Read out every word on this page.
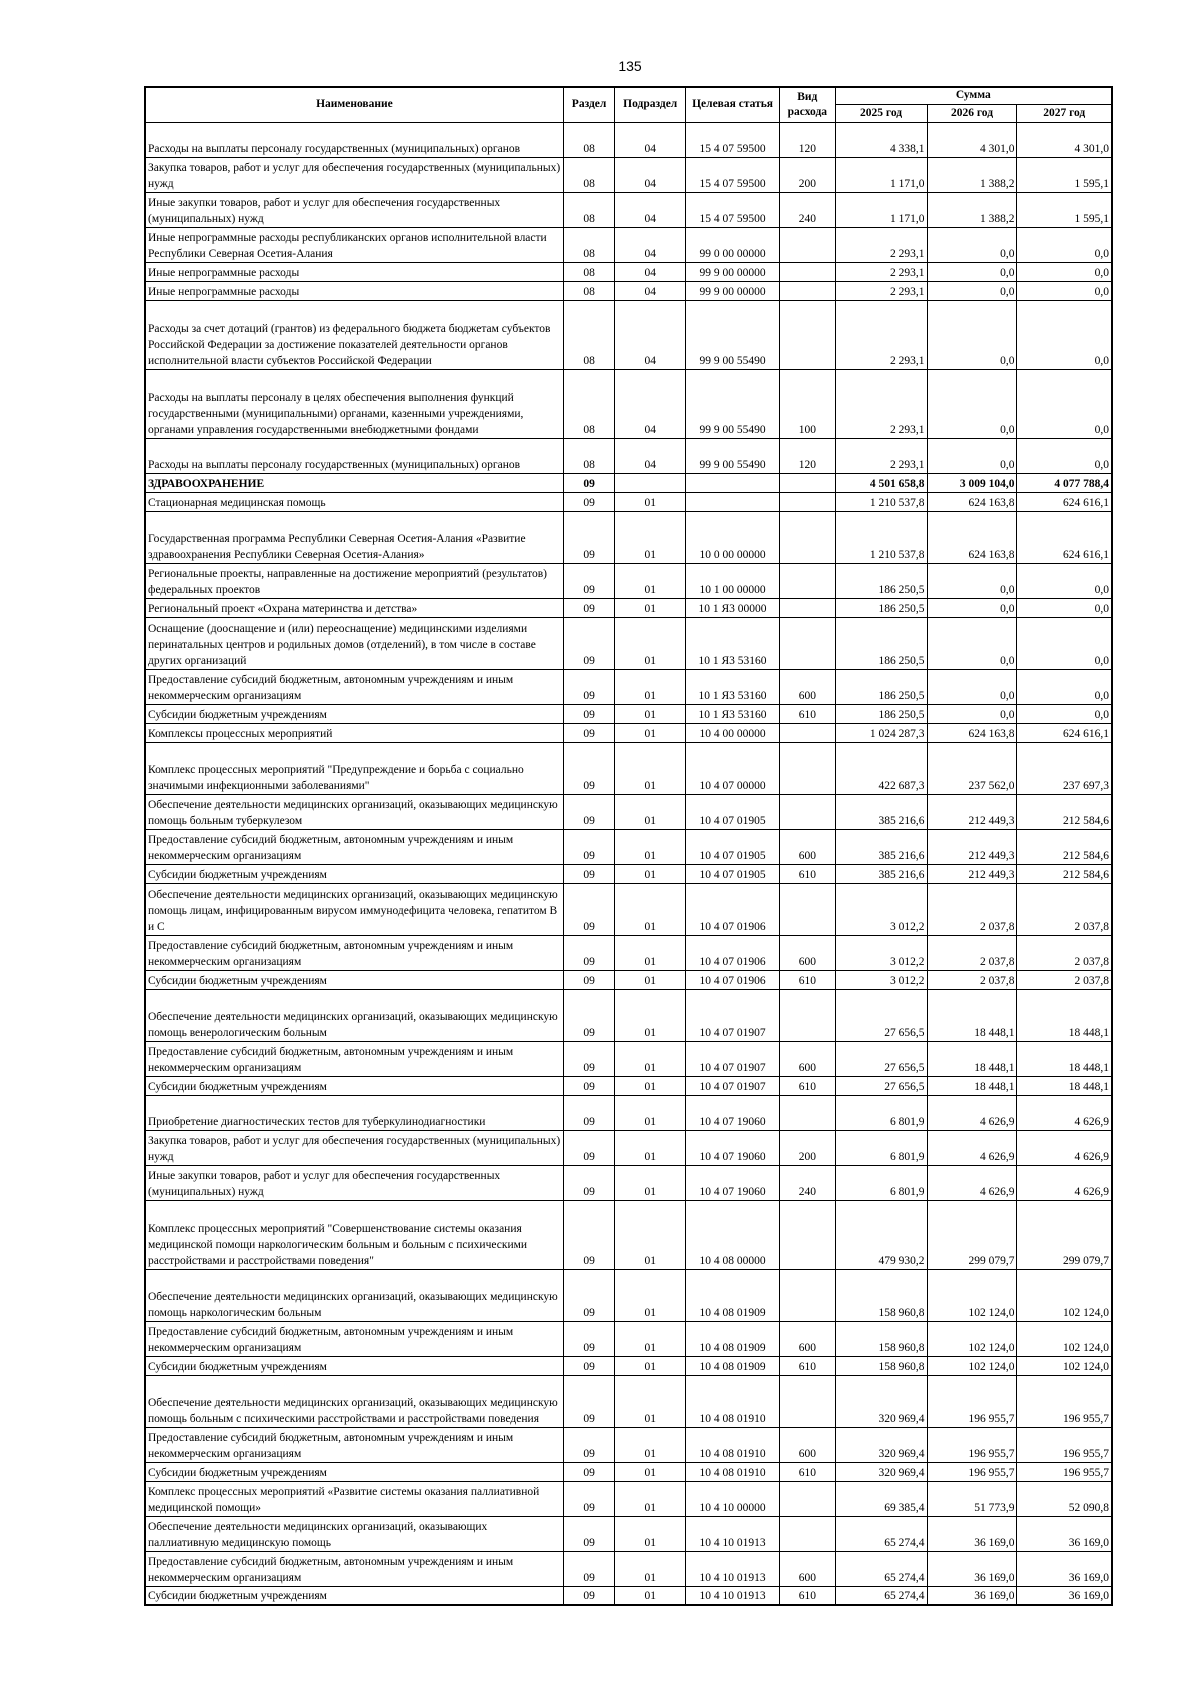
135
Наименование	Раздел	Подраздел	Целевая статья	Вид расхода	Сумма		
					2025 год	2026 год	2027 год
Расходы на выплаты персоналу государственных (муниципальных) органов	08	04	15 4 07 59500	120	4 338,1	4 301,0	4 301,0
Закупка товаров, работ и услуг для обеспечения государственных (муниципальных) нужд	08	04	15 4 07 59500	200	1 171,0	1 388,2	1 595,1
Иные закупки товаров, работ и услуг для обеспечения государственных (муниципальных) нужд	08	04	15 4 07 59500	240	1 171,0	1 388,2	1 595,1
Иные непрограммные расходы республиканских органов исполнительной власти Республики Северная Осетия-Алания	08	04	99 0 00 00000		2 293,1	0,0	0,0
Иные непрограммные расходы	08	04	99 9 00 00000		2 293,1	0,0	0,0
Иные непрограммные расходы	08	04	99 9 00 00000		2 293,1	0,0	0,0
Расходы за счет дотаций (грантов) из федерального бюджета бюджетам субъектов Российской Федерации за достижение показателей деятельности органов исполнительной власти субъектов Российской Федерации	08	04	99 9 00 55490		2 293,1	0,0	0,0
Расходы на выплаты персоналу в целях обеспечения выполнения функций государственными (муниципальными) органами, казенными учреждениями, органами управления государственными внебюджетными фондами	08	04	99 9 00 55490	100	2 293,1	0,0	0,0
Расходы на выплаты персоналу государственных (муниципальных) органов	08	04	99 9 00 55490	120	2 293,1	0,0	0,0
ЗДРАВООХРАНЕНИЕ	09				4 501 658,8	3 009 104,0	4 077 788,4
Стационарная медицинская помощь	09	01			1 210 537,8	624 163,8	624 616,1
Государственная программа Республики Северная Осетия-Алания «Развитие здравоохранения Республики Северная Осетия-Алания»	09	01	10 0 00 00000		1 210 537,8	624 163,8	624 616,1
Региональные проекты, направленные на достижение мероприятий (результатов) федеральных проектов	09	01	10 1 00 00000		186 250,5	0,0	0,0
Региональный проект «Охрана материнства и детства»	09	01	10 1 Я3 00000		186 250,5	0,0	0,0
Оснащение (дооснащение и (или) переоснащение) медицинскими изделиями перинатальных центров и родильных домов (отделений), в том числе в составе других организаций	09	01	10 1 Я3 53160		186 250,5	0,0	0,0
Предоставление субсидий бюджетным, автономным учреждениям и иным некоммерческим организациям	09	01	10 1 Я3 53160	600	186 250,5	0,0	0,0
Субсидии бюджетным учреждениям	09	01	10 1 Я3 53160	610	186 250,5	0,0	0,0
Комплексы процессных мероприятий	09	01	10 4 00 00000		1 024 287,3	624 163,8	624 616,1
Комплекс процессных мероприятий "Предупреждение и борьба с социально значимыми инфекционными заболеваниями"	09	01	10 4 07 00000		422 687,3	237 562,0	237 697,3
Обеспечение деятельности медицинских организаций, оказывающих медицинскую помощь больным туберкулезом	09	01	10 4 07 01905		385 216,6	212 449,3	212 584,6
Предоставление субсидий бюджетным, автономным учреждениям и иным некоммерческим организациям	09	01	10 4 07 01905	600	385 216,6	212 449,3	212 584,6
Субсидии бюджетным учреждениям	09	01	10 4 07 01905	610	385 216,6	212 449,3	212 584,6
Обеспечение деятельности медицинских организаций, оказывающих медицинскую помощь лицам, инфицированным вирусом иммунодефицита человека, гепатитом В и С	09	01	10 4 07 01906		3 012,2	2 037,8	2 037,8
Предоставление субсидий бюджетным, автономным учреждениям и иным некоммерческим организациям	09	01	10 4 07 01906	600	3 012,2	2 037,8	2 037,8
Субсидии бюджетным учреждениям	09	01	10 4 07 01906	610	3 012,2	2 037,8	2 037,8
Обеспечение деятельности медицинских организаций, оказывающих медицинскую помощь венерологическим больным	09	01	10 4 07 01907		27 656,5	18 448,1	18 448,1
Предоставление субсидий бюджетным, автономным учреждениям и иным некоммерческим организациям	09	01	10 4 07 01907	600	27 656,5	18 448,1	18 448,1
Субсидии бюджетным учреждениям	09	01	10 4 07 01907	610	27 656,5	18 448,1	18 448,1
Приобретение диагностических тестов для туберкулинодиагностики	09	01	10 4 07 19060		6 801,9	4 626,9	4 626,9
Закупка товаров, работ и услуг для обеспечения государственных (муниципальных) нужд	09	01	10 4 07 19060	200	6 801,9	4 626,9	4 626,9
Иные закупки товаров, работ и услуг для обеспечения государственных (муниципальных) нужд	09	01	10 4 07 19060	240	6 801,9	4 626,9	4 626,9
Комплекс процессных мероприятий "Совершенствование системы оказания медицинской помощи наркологическим больным и больным с психическими расстройствами и расстройствами поведения"	09	01	10 4 08 00000		479 930,2	299 079,7	299 079,7
Обеспечение деятельности медицинских организаций, оказывающих медицинскую помощь наркологическим больным	09	01	10 4 08 01909		158 960,8	102 124,0	102 124,0
Предоставление субсидий бюджетным, автономным учреждениям и иным некоммерческим организациям	09	01	10 4 08 01909	600	158 960,8	102 124,0	102 124,0
Субсидии бюджетным учреждениям	09	01	10 4 08 01909	610	158 960,8	102 124,0	102 124,0
Обеспечение деятельности медицинских организаций, оказывающих медицинскую помощь больным с психическими расстройствами и расстройствами поведения	09	01	10 4 08 01910		320 969,4	196 955,7	196 955,7
Предоставление субсидий бюджетным, автономным учреждениям и иным некоммерческим организациям	09	01	10 4 08 01910	600	320 969,4	196 955,7	196 955,7
Субсидии бюджетным учреждениям	09	01	10 4 08 01910	610	320 969,4	196 955,7	196 955,7
Комплекс процессных мероприятий «Развитие системы оказания паллиативной медицинской помощи»	09	01	10 4 10 00000		69 385,4	51 773,9	52 090,8
Обеспечение деятельности медицинских организаций, оказывающих паллиативную медицинскую помощь	09	01	10 4 10 01913		65 274,4	36 169,0	36 169,0
Предоставление субсидий бюджетным, автономным учреждениям и иным некоммерческим организациям	09	01	10 4 10 01913	600	65 274,4	36 169,0	36 169,0
Субсидии бюджетным учреждениям	09	01	10 4 10 01913	610	65 274,4	36 169,0	36 169,0
